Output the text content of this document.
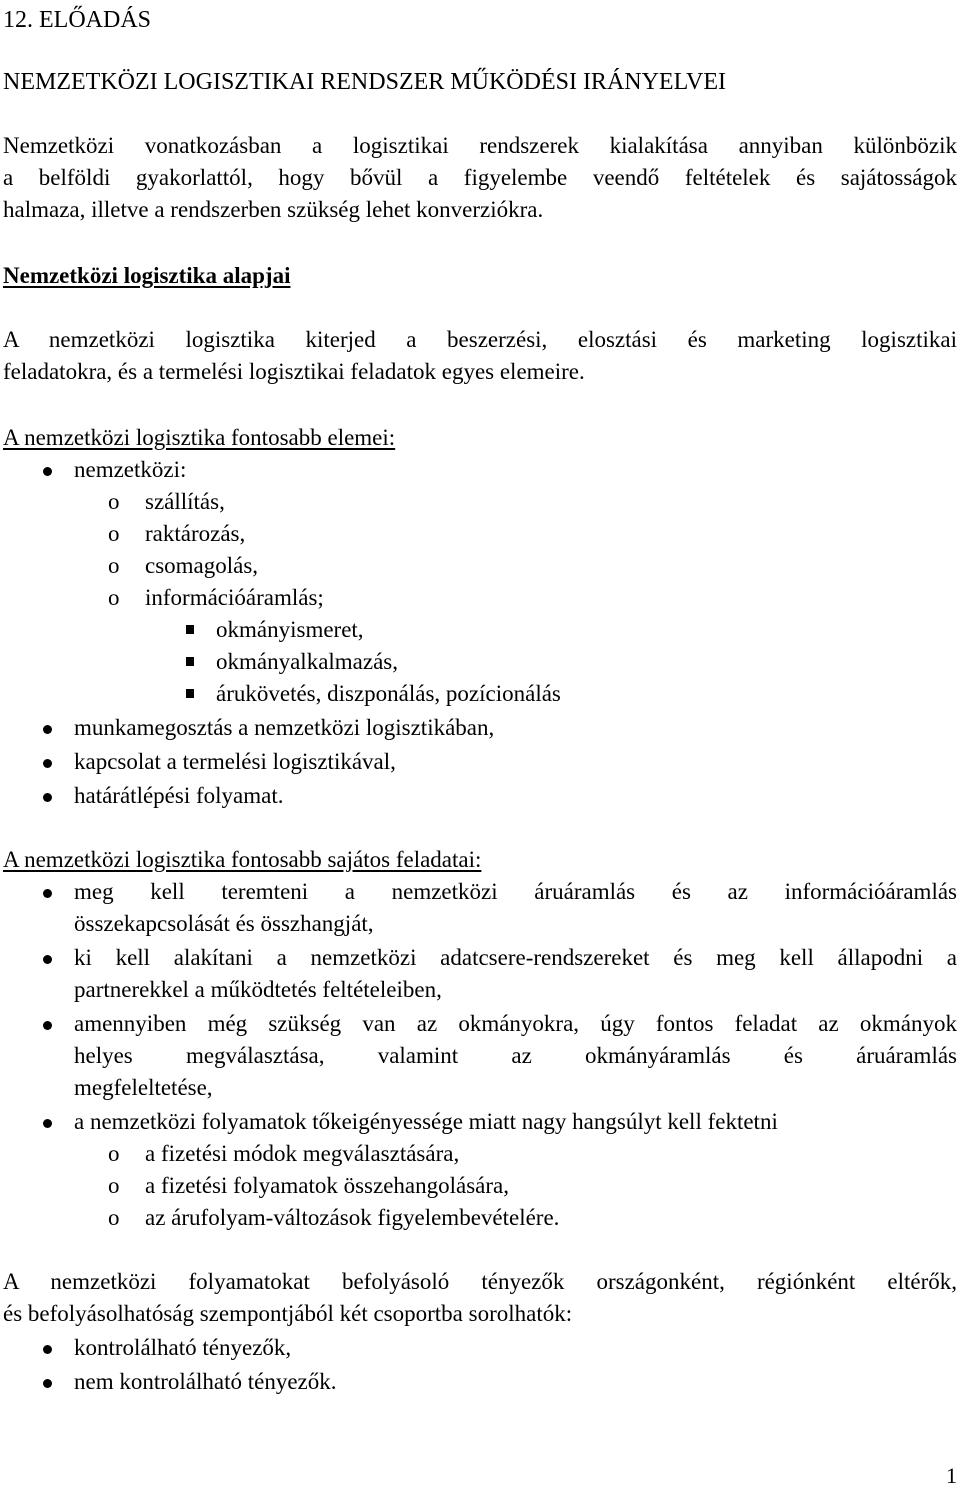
12. ELŐADÁS
NEMZETKÖZI LOGISZTIKAI RENDSZER MŰKÖDÉSI IRÁNYELVEI
Nemzetközi vonatkozásban a logisztikai rendszerek kialakítása annyiban különbözik
a belföldi gyakorlattól, hogy bővül a figyelembe veendő feltételek és sajátosságok
halmaza, illetve a rendszerben szükség lehet konverziókra.
Nemzetközi logisztika alapjai
A nemzetközi logisztika kiterjed a beszerzési, elosztási és marketing logisztikai
feladatokra, és a termelési logisztikai feladatok egyes elemeire.
A nemzetközi logisztika fontosabb elemei:
nemzetközi:
o szállítás,
o raktározás,
o csomagolás,
o információáramlás;
okmányismeret,
okmányalkalmazás,
árukövetés, diszponálás, pozícionálás
munkamegosztás a nemzetközi logisztikában,
kapcsolat a termelési logisztikával,
határátlépési folyamat.
A nemzetközi logisztika fontosabb sajátos feladatai:
meg kell teremteni a nemzetközi áruáramlás és az információáramlás
összekapcsolását és összhangját,
ki kell alakítani a nemzetközi adatcsere-rendszereket és meg kell állapodni a
partnerekkel a működtetés feltételeiben,
amennyiben még szükség van az okmányokra, úgy fontos feladat az okmányok
helyes megválasztása, valamint az okmányáramlás és áruáramlás
megfeleltetése,
a nemzetközi folyamatok tőkeigényessége miatt nagy hangsúlyt kell fektetni
o a fizetési módok megválasztására,
o a fizetési folyamatok összehangolására,
o az árufolyam-változások figyelembevételére.
A nemzetközi folyamatokat befolyásoló tényezők országonként, régiónként eltérők,
és befolyásolhatóság szempontjából két csoportba sorolhatók:
kontrolálható tényezők,
nem kontrolálható tényezők.
1
